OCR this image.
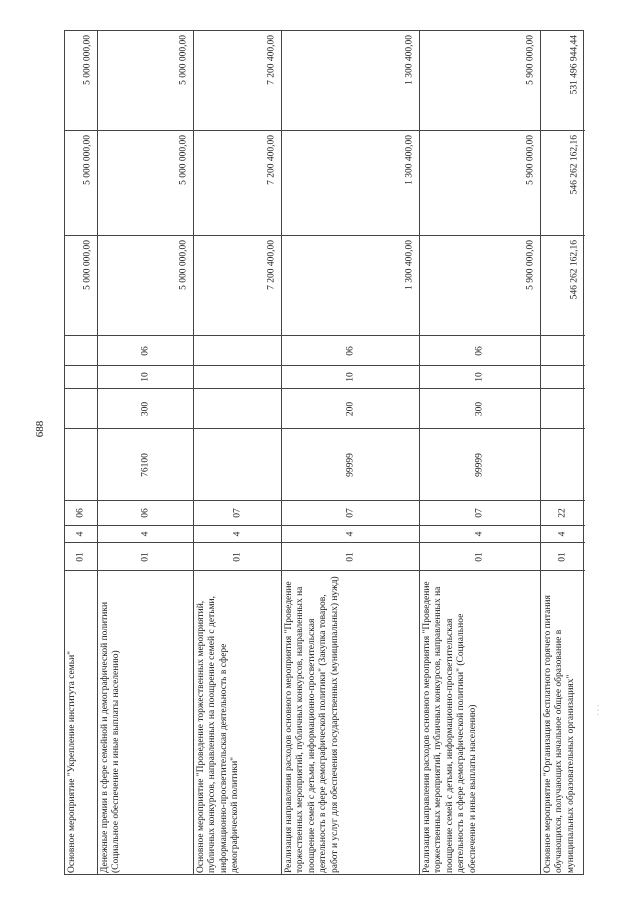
688
5 000 000,00
5 000 000,00
5 000 000,00
06
4
01
Основное мероприятие "Укрепление института семьи"
5 000 000,00
5 000 000,00
5 000 000,00
06
10
300
76100
06
4
01
Денежные премии в сфере семейной и демографической политики (Социальное обеспечение и иные выплаты населению)
7 200 400,00
7 200 400,00
7 200 400,00
07
4
01
Основное мероприятие "Проведение торжественных мероприятий, публичных конкурсов, направленных на поощрение семей с детьми, информационно-просветительская деятельность в сфере демографической политики"
1 300 400,00
1 300 400,00
1 300 400,00
06
10
200
99999
07
4
01
Реализация направления расходов основного мероприятия "Проведение торжественных мероприятий, публичных конкурсов, направленных на поощрение семей с детьми, информационно-просветительская деятельность в сфере демографической политики" (Закупка товаров, работ и услуг для обеспечения государственных (муниципальных) нужд)
5 900 000,00
5 900 000,00
5 900 000,00
06
10
300
99999
07
4
01
Реализация направления расходов основного мероприятия "Проведение торжественных мероприятий, публичных конкурсов, направленных на поощрение семей с детьми, информационно-просветительская деятельность в сфере демографической политики" (Социальное обеспечение и иные выплаты населению)
531 496 944,44
546 262 162,16
546 262 162,16
22
4
01
Основное мероприятие "Организация бесплатного горячего питания обучающихся, получающих начальное общее образование в муниципальных образовательных организациях" · · ·
